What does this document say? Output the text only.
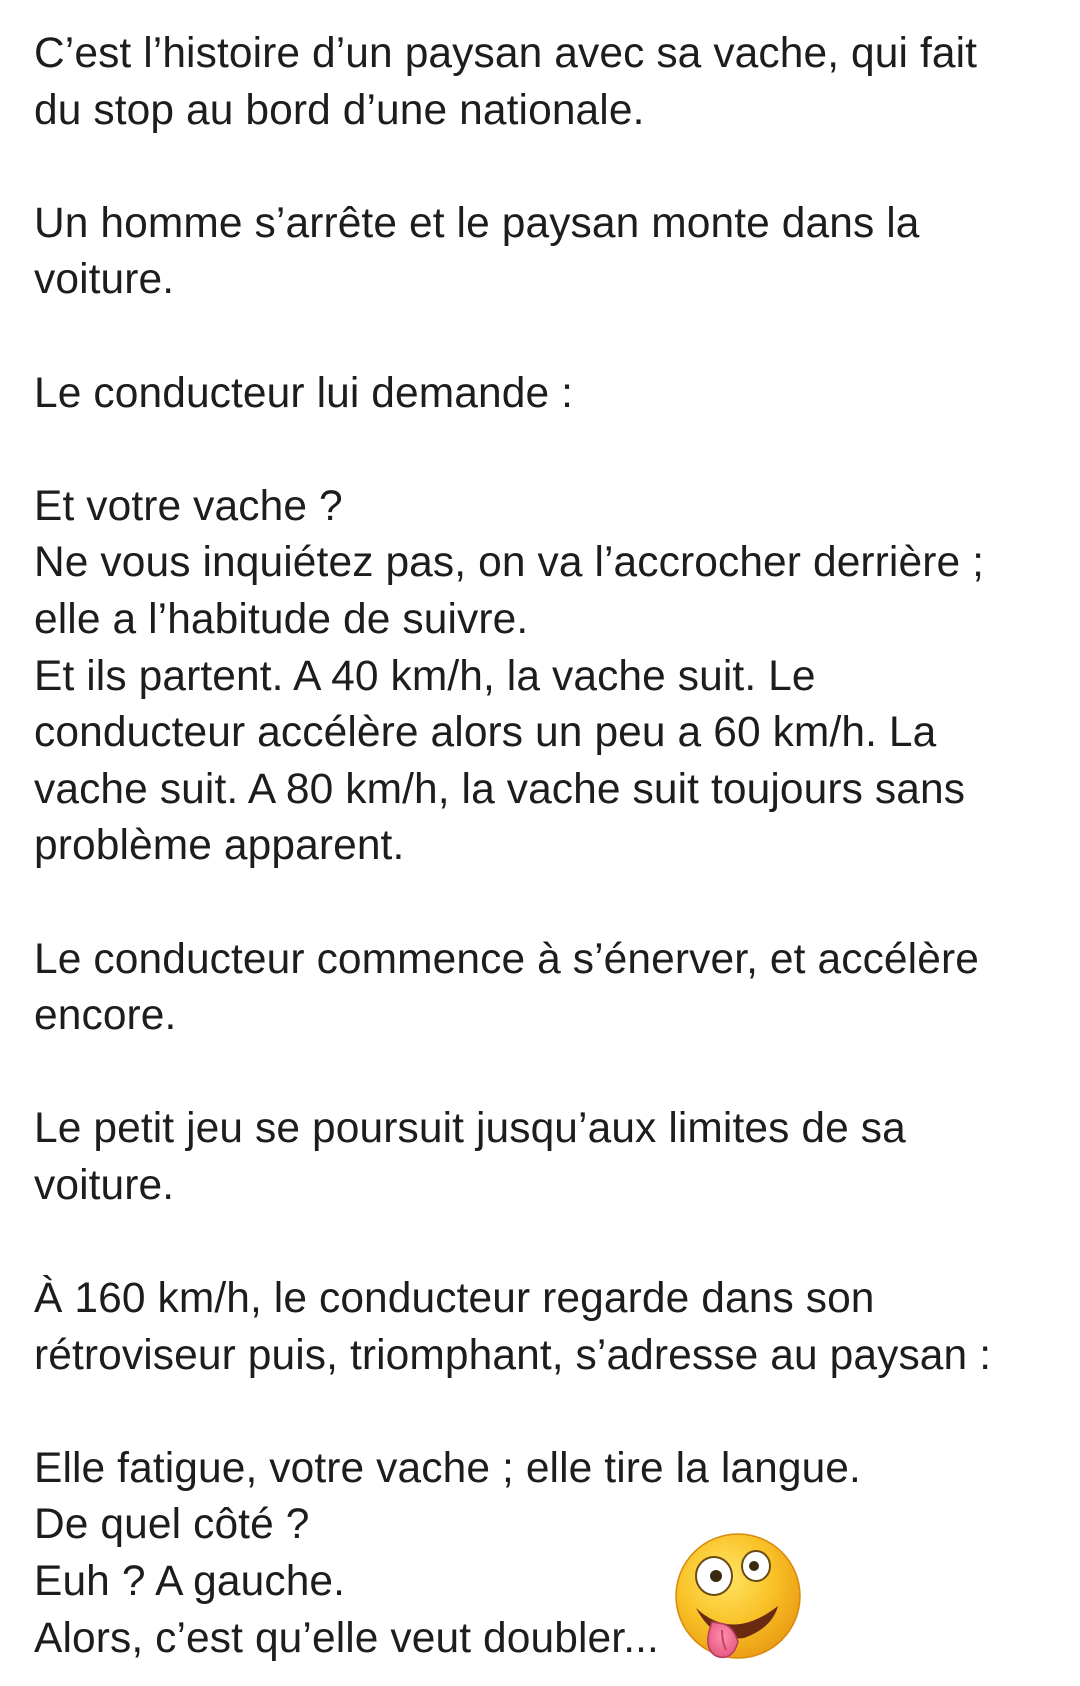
C’est l’histoire d’un paysan avec sa vache, qui fait
du stop au bord d’une nationale.
Un homme s’arrête et le paysan monte dans la
voiture.
Le conducteur lui demande :
Et votre vache ?
Ne vous inquiétez pas, on va l’accrocher derrière ;
elle a l’habitude de suivre.
Et ils partent. A 40 km/h, la vache suit. Le
conducteur accélère alors un peu a 60 km/h. La
vache suit. A 80 km/h, la vache suit toujours sans
problème apparent.
Le conducteur commence à s’énerver, et accélère
encore.
Le petit jeu se poursuit jusqu’aux limites de sa
voiture.
À 160 km/h, le conducteur regarde dans son
rétroviseur puis, triomphant, s’adresse au paysan :
Elle fatigue, votre vache ; elle tire la langue.
De quel côté ?
Euh ? A gauche.
Alors, c’est qu’elle veut doubler...
